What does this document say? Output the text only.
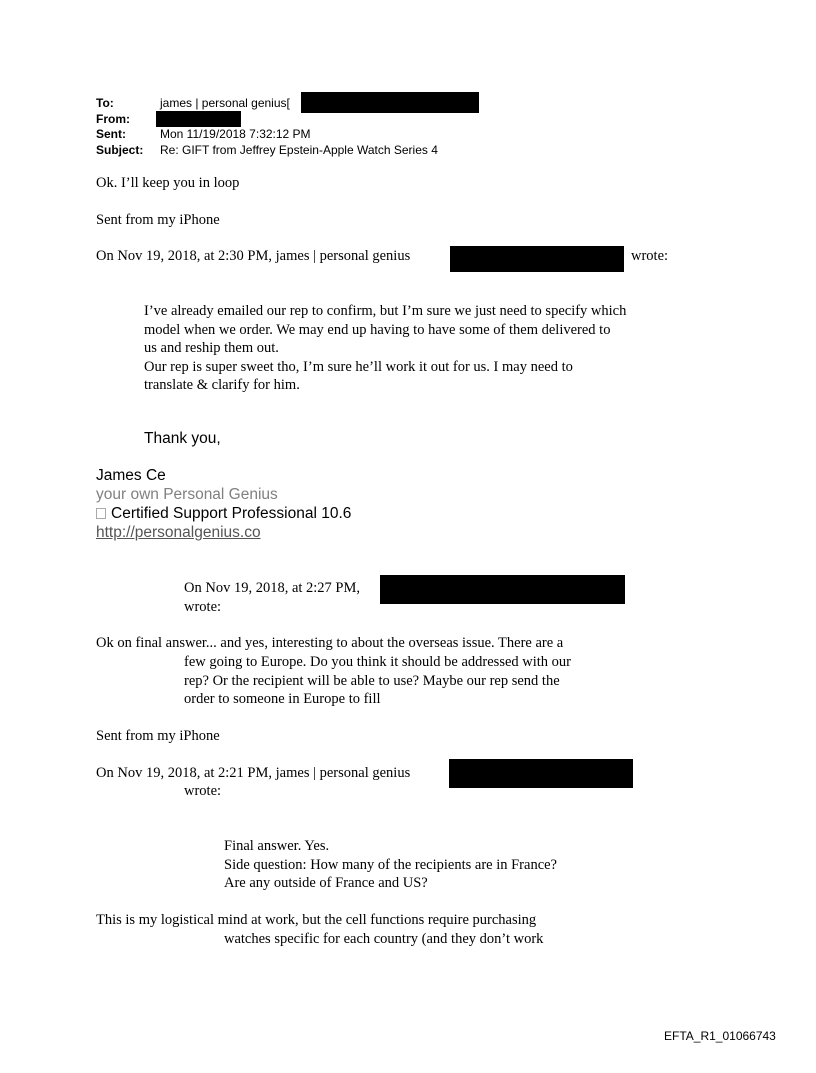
To:	james | personal genius[
From:
Sent:	Mon 11/19/2018 7:32:12 PM
Subject: Re: GIFT from Jeffrey Epstein-Apple Watch Series 4
Ok. I’ll keep you in loop
Sent from my iPhone
On Nov 19, 2018, at 2:30 PM, james | personal genius	wrote:
I’ve already emailed our rep to confirm, but I’m sure we just need to specify which
model when we order. We may end up having to have some of them delivered to
us and reship them out.
Our rep is super sweet tho, I’m sure he’ll work it out for us. I may need to
translate & clarify for him.
Thank you,
James Ce
your own Personal Genius
Certified Support Professional 10.6
http://personalgenius.co
On Nov 19, 2018, at 2:27 PM,
wrote:
Ok on final answer... and yes, interesting to about the overseas issue. There are a
few going to Europe. Do you think it should be addressed with our
rep? Or the recipient will be able to use? Maybe our rep send the
order to someone in Europe to fill
Sent from my iPhone
On Nov 19, 2018, at 2:21 PM, james | personal genius
wrote:
Final answer. Yes.
Side question: How many of the recipients are in France?
Are any outside of France and US?
This is my logistical mind at work, but the cell functions require purchasing
watches specific for each country (and they don’t work
EFTA_R1_01066743
